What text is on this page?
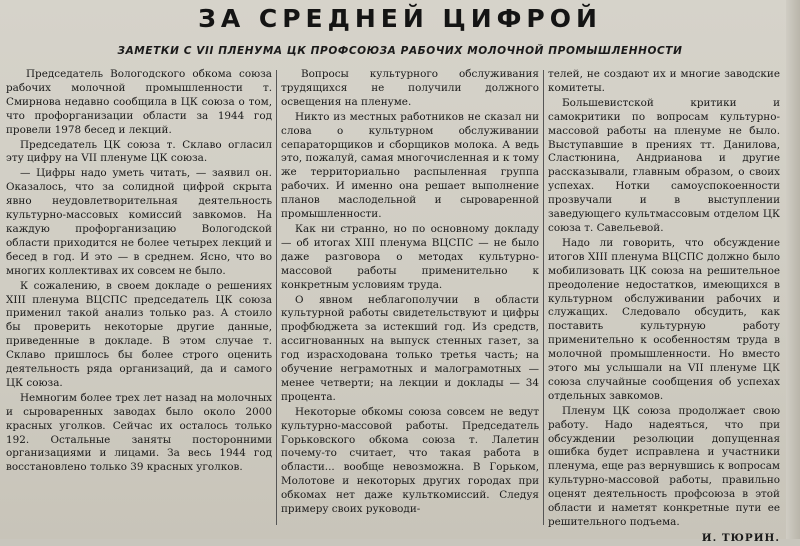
ЗА СРЕДНЕЙ ЦИФРОЙ
ЗАМЕТКИ С VII ПЛЕНУМА ЦК ПРОФСОЮЗА РАБОЧИХ МОЛОЧНОЙ ПРОМЫШЛЕННОСТИ

Председатель Вологодского обкома союза рабочих молочной промышленности т. Смирнова недавно сообщила в ЦК союза о том, что профорганизации области за 1944 год провели 1978 бесед и лекций.

Председатель ЦК союза т. Склаво огласил эту цифру на VII пленуме ЦК союза.

— Цифры надо уметь читать, — заявил он. Оказалось, что за солидной цифрой скрыта явно неудовлетворительная деятельность культурно-массовых комиссий завкомов. На каждую профорганизацию Вологодской области приходится не более четырех лекций и бесед в год. И это — в среднем. Ясно, что во многих коллективах их совсем не было.

К сожалению, в своем докладе о решениях XIII пленума ВЦСПС председатель ЦК союза применил такой анализ только раз. А стоило бы проверить некоторые другие данные, приведенные в докладе. В этом случае т. Склаво пришлось бы более строго оценить деятельность ряда организаций, да и самого ЦК союза.

Немногим более трех лет назад на молочных и сыроваренных заводах было около 2000 красных уголков. Сейчас их осталось только 192. Остальные заняты посторонними организациями и лицами. За весь 1944 год восстановлено только 39 красных уголков.

Вопросы культурного обслуживания трудящихся не получили должного освещения на пленуме.

Никто из местных работников не сказал ни слова о культурном обслуживании сепараторщиков и сборщиков молока. А ведь это, пожалуй, самая многочисленная и к тому же территориально распыленная группа рабочих. И именно она решает выполнение планов маслодельной и сыроваренной промышленности.

Как ни странно, но по основному докладу — об итогах XIII пленума ВЦСПС — не было даже разговора о методах культурно-массовой работы применительно к конкретным условиям труда.

О явном неблагополучии в области культурной работы свидетельствуют и цифры профбюджета за истекший год. Из средств, ассигнованных на выпуск стенных газет, за год израсходована только третья часть; на обучение неграмотных и малограмотных — менее четверти; на лекции и доклады — 34 процента.

Некоторые обкомы союза совсем не ведут культурно-массовой работы. Председатель Горьковского обкома союза т. Лалетин почему-то считает, что такая работа в области... вообще невозможна. В Горьком, Молотове и некоторых других городах при обкомах нет даже культкомиссий. Следуя примеру своих руководи-

телей, не создают их и многие заводские комитеты.

Большевистской критики и самокритики по вопросам культурно-массовой работы на пленуме не было. Выступавшие в прениях тт. Данилова, Сластюнина, Андрианова и другие рассказывали, главным образом, о своих успехах. Нотки самоуспокоенности прозвучали и в выступлении заведующего культмассовым отделом ЦК союза т. Савельевой.

Надо ли говорить, что обсуждение итогов XIII пленума ВЦСПС должно было мобилизовать ЦК союза на решительное преодоление недостатков, имеющихся в культурном обслуживании рабочих и служащих. Следовало обсудить, как поставить культурную работу применительно к особенностям труда в молочной промышленности. Но вместо этого мы услышали на VII пленуме ЦК союза случайные сообщения об успехах отдельных завкомов.

Пленум ЦК союза продолжает свою работу. Надо надеяться, что при обсуждении резолюции допущенная ошибка будет исправлена и участники пленума, еще раз вернувшись к вопросам культурно-массовой работы, правильно оценят деятельность профсоюза в этой области и наметят конкретные пути ее решительного подъема.

И. ТЮРИН.
